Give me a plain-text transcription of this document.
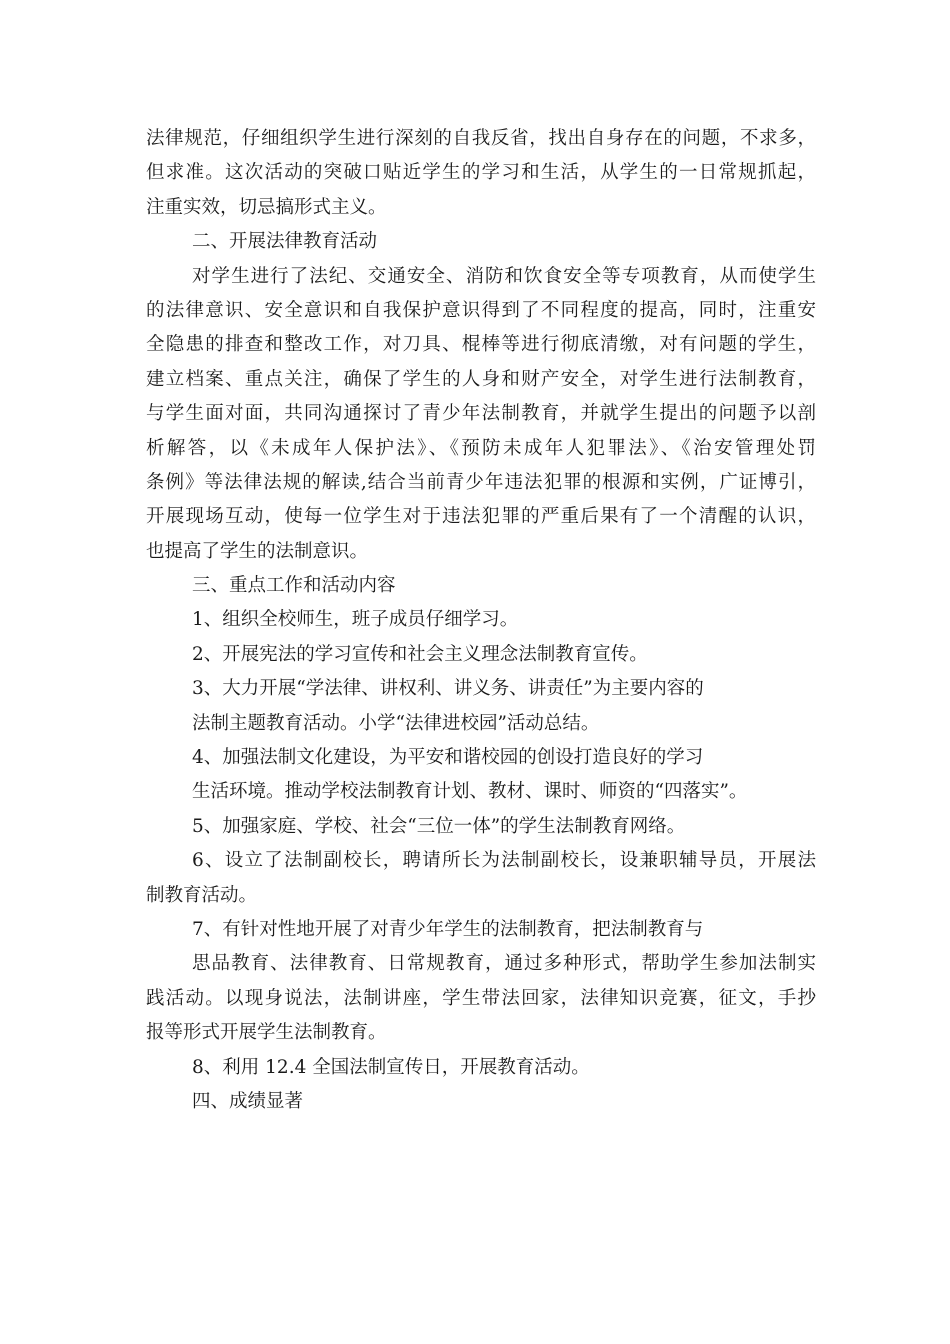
法律规范，仔细组织学生进行深刻的自我反省，找出自身存在的问题，不求多，
但求准。这次活动的突破口贴近学生的学习和生活，从学生的一日常规抓起，
注重实效，切忌搞形式主义。
二、开展法律教育活动
对学生进行了法纪、交通安全、消防和饮食安全等专项教育，从而使学生
的法律意识、安全意识和自我保护意识得到了不同程度的提高，同时，注重安
全隐患的排查和整改工作，对刀具、棍棒等进行彻底清缴，对有问题的学生，
建立档案、重点关注，确保了学生的人身和财产安全，对学生进行法制教育，
与学生面对面，共同沟通探讨了青少年法制教育，并就学生提出的问题予以剖
析解答，以《未成年人保护法》、《预防未成年人犯罪法》、《治安管理处罚
条例》等法律法规的解读,结合当前青少年违法犯罪的根源和实例，广证博引，
开展现场互动，使每一位学生对于违法犯罪的严重后果有了一个清醒的认识，
也提高了学生的法制意识。
三、重点工作和活动内容
1、组织全校师生，班子成员仔细学习。
2、开展宪法的学习宣传和社会主义理念法制教育宣传。
3、大力开展“学法律、讲权利、讲义务、讲责任”为主要内容的
法制主题教育活动。小学“法律进校园”活动总结。
4、加强法制文化建设，为平安和谐校园的创设打造良好的学习
生活环境。推动学校法制教育计划、教材、课时、师资的“四落实”。
5、加强家庭、学校、社会“三位一体”的学生法制教育网络。
6、设立了法制副校长，聘请所长为法制副校长，设兼职辅导员，开展法
制教育活动。
7、有针对性地开展了对青少年学生的法制教育，把法制教育与
思品教育、法律教育、日常规教育，通过多种形式，帮助学生参加法制实
践活动。以现身说法，法制讲座，学生带法回家，法律知识竞赛，征文，手抄
报等形式开展学生法制教育。
8、利用 12.4 全国法制宣传日，开展教育活动。
四、成绩显著
